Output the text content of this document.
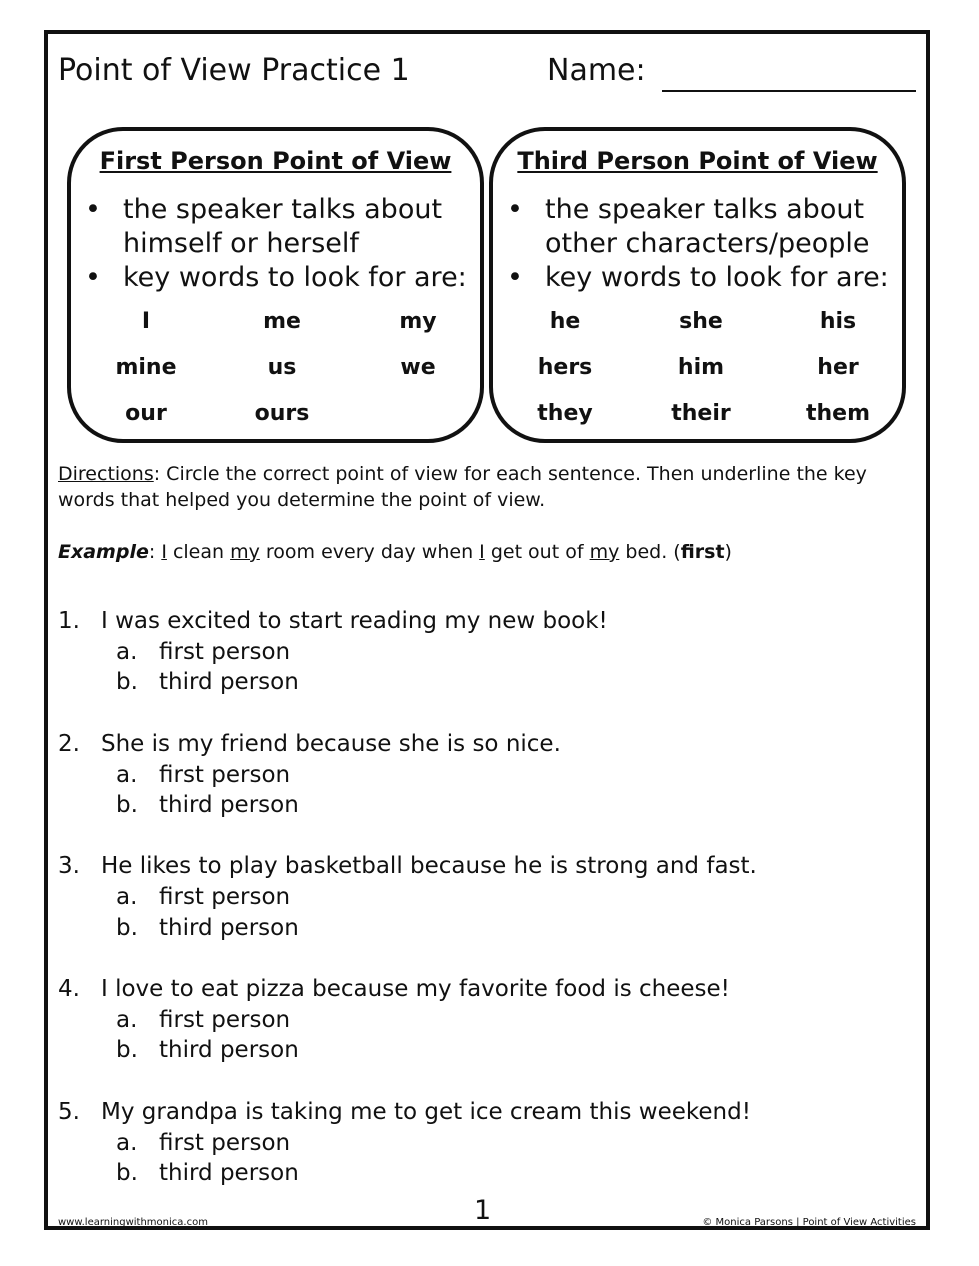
Point of View Practice 1	Name:
First Person Point of View
• the speaker talks about
himself or herself
• key words to look for are:
I	me	my
mine	us	we
our	ours
Third Person Point of View
• the speaker talks about
other characters/people
• key words to look for are:
he	she	his
hers	him	her
they	their	them
Directions: Circle the correct point of view for each sentence. Then underline the key words that helped you determine the point of view.
Example: I clean my room every day when I get out of my bed. (first)
1. I was excited to start reading my new book!
a. first person
b. third person
2. She is my friend because she is so nice.
a. first person
b. third person
3. He likes to play basketball because he is strong and fast.
a. first person
b. third person
4. I love to eat pizza because my favorite food is cheese!
a. first person
b. third person
5. My grandpa is taking me to get ice cream this weekend!
a. first person
b. third person
www.learningwithmonica.com	1	© Monica Parsons | Point of View Activities
